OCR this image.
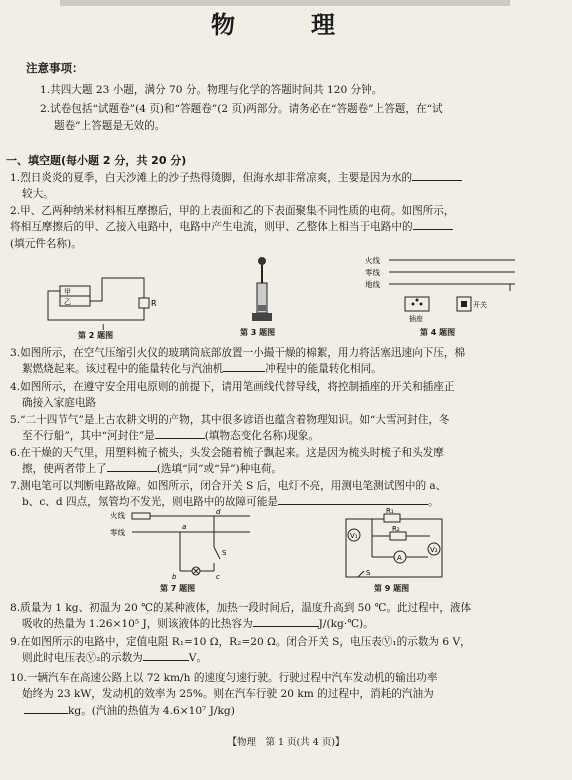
物　理
注意事项：
1.共四大题 23 小题，满分 70 分。物理与化学的答题时间共 120 分钟。
2.试卷包括“试题卷”(4 页)和“答题卷”(2 页)两部分。请务必在“答题卷”上答题，在“试
题卷”上答题是无效的。
一、填空题(每小题 2 分，共 20 分)
1.烈日炎炎的夏季，白天沙滩上的沙子热得烫脚，但海水却非常凉爽，主要是因为水的
较大。
2.甲、乙两种纳米材料相互摩擦后，甲的上表面和乙的下表面聚集不同性质的电荷。如图所示，
将相互摩擦后的甲、乙接入电路中，电路中产生电流，则甲、乙整体上相当于电路中的
(填元件名称)。
甲
乙	R
I
第 2 题图	第 3 题图
火线
零线
地线
插座
开关
第 4 题图
3.如图所示，在空气压缩引火仪的玻璃筒底部放置一小撮干燥的棉絮，用力将活塞迅速向下压，棉
絮燃烧起来。该过程中的能量转化与汽油机	冲程中的能量转化相同。
4.如图所示，在遵守安全用电原则的前提下，请用笔画线代替导线，将控制插座的开关和插座正
确接入家庭电路
5.“二十四节气”是上古农耕文明的产物，其中很多谚语也蕴含着物理知识。如“大雪河封住，冬
至不行船”，其中“河封住”是	(填物态变化名称)现象。
6.在干燥的天气里，用塑料梳子梳头，头发会随着梳子飘起来。这是因为梳头时梳子和头发摩
擦，使两者带上了	(选填“同”或“异”)种电荷。
7.测电笔可以判断电路故障。如图所示，闭合开关 S 后，电灯不亮，用测电笔测试图中的 a、
b、c、d 四点，氖管均不发光，则电路中的故障可能是	。
火线
零线
a
b	c
d
S
第 7 题图
V₁
V₂
A
R₁
R₂
S
第 9 题图
8.质量为 1 kg、初温为 20 ℃的某种液体，加热一段时间后，温度升高到 50 ℃。此过程中，液体
吸收的热量为 1.26×10⁵ J，则该液体的比热容为	J/(kg·℃)。
9.在如图所示的电路中，定值电阻 R₁=10 Ω，R₂=20 Ω。闭合开关 S，电压表Ⓥ₁的示数为 6 V，
则此时电压表Ⓥ₂的示数为	V。
10.一辆汽车在高速公路上以 72 km/h 的速度匀速行驶。行驶过程中汽车发动机的输出功率
始终为 23 kW，发动机的效率为 25%。则在汽车行驶 20 km 的过程中，消耗的汽油为
kg。(汽油的热值为 4.6×10⁷ J/kg)
【物理　第 1 页(共 4 页)】
